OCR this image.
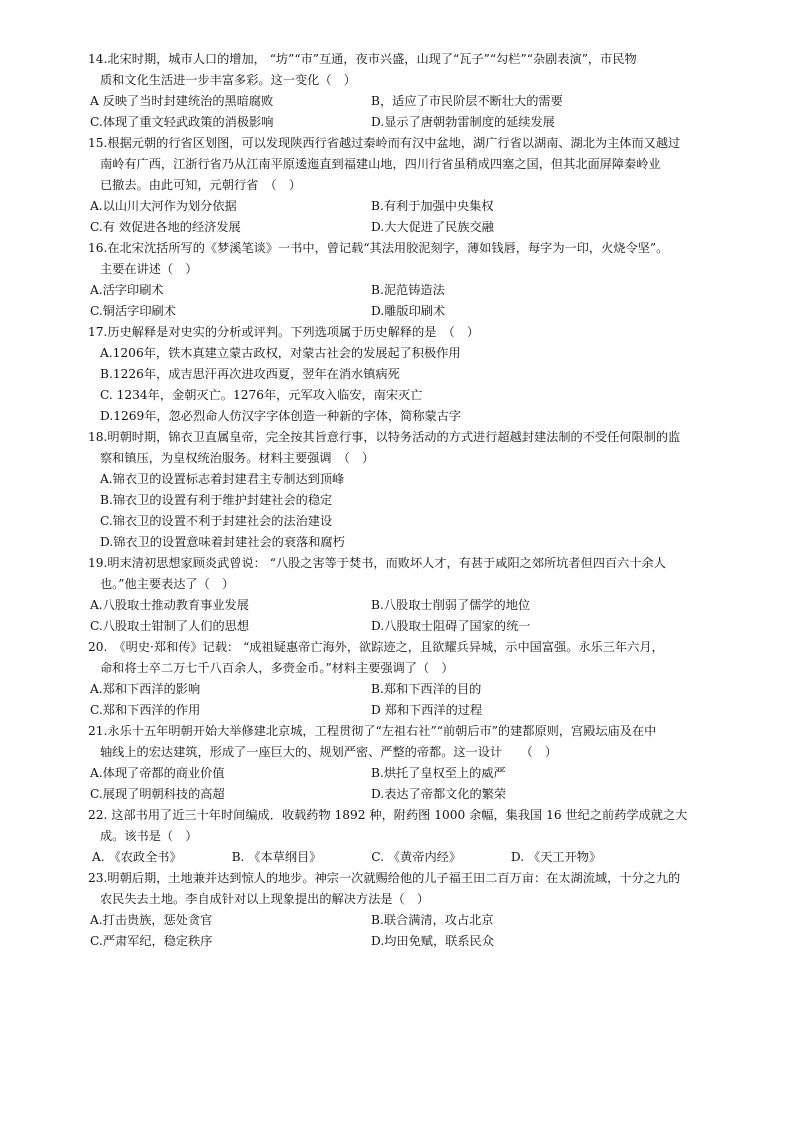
14.北宋时期，城市人口的增加， “坊”“市”互通，夜市兴盛，山现了“瓦子”“勾栏”“杂剧表演”，市民物
质和文化生活进一步丰富多彩。这一变化（　）
A 反映了当时封建统治的黑暗腐败	B，适应了市民阶层不断壮大的需要
C.体现了重文轻武政策的消极影响	D.显示了唐朝勃雷制度的延续发展
15.根据元朝的行省区划图，可以发现陕西行省越过秦岭而有汉中盆地，湖广行省以湖南、湖北为主体而又越过
南岭有广西，江浙行省乃从江南平原逶迤直到福建山地，四川行省虽稍成四塞之国，但其北面屏障秦岭业
已撤去。由此可知，元朝行省　（　）
A.以山川大河作为划分依据	B.有利于加强中央集权
C.有 效促进各地的经济发展	D.大大促进了民族交融
16.在北宋沈括所写的《梦溪笔谈》一书中，曾记载“其法用胶泥刻字，薄如钱唇，每字为一印，火烧令坚”。
主要在讲述（　）
A.活字印刷术	B.泥范铸造法
C.铜活字印刷术	D.雕版印刷术
17.历史解释是对史实的分析或评判。下列选项属于历史解释的是　（　）
A.1206年，铁木真建立蒙古政权，对蒙古社会的发展起了积极作用
B.1226年，成吉思汗再次进攻西夏，翌年在消水镇病死
C. 1234年，金朝灭亡。1276年，元军攻入临安，南宋灭亡
D.1269年，忽必烈命人仿汉字字体创造一种新的字体，简称蒙古字
18.明朝时期，锦衣卫直属皇帝，完全按其旨意行事，以特务活动的方式进行超越封建法制的不受任何限制的监
察和镇压，为皇权统治服务。材料主要强调　（　）
A.锦衣卫的设置标志着封建君主专制达到顶峰
B.锦衣卫的设置有利于维护封建社会的稳定
C.锦衣卫的设置不利于封建社会的法治建设
D.锦衣卫的设置意味着封建社会的衰落和腐朽
19.明末清初思想家顾炎武曾说： “八股之害等于焚书，而败坏人才，有甚于咸阳之郊所坑者但四百六十余人
也。”他主要表达了（　）
A.八股取士推动教育事业发展	B.八股取士削弱了儒学的地位
C.八股取士钳制了人们的思想	D.八股取士阻碍了国家的统一
20.　《明史·郑和传》记载： “成祖疑惠帝亡海外，欲踪迹之，且欲耀兵异城，示中国富强。永乐三年六月，
命和将士卒二万七千八百余人，多赍金币。”材料主要强调了（　）
A.郑和下西洋的影响	B.郑和下西洋的目的
C.郑和下西洋的作用	D 郑和下西洋的过程
21.永乐十五年明朝开始大举修建北京城，工程贯彻了“左祖右社”“前朝后市”的建都原则，宫殿坛庙及在中
轴线上的宏达建筑，形成了一座巨大的、规划严密、严整的帝都。这一设计　　（　）
A.体现了帝都的商业价值	B.烘托了皇权至上的威严
C.展现了明朝科技的高超	D.表达了帝都文化的繁荣
22. 这部书用了近三十年时间编成．收载药物 1892 种，附药图 1000 余幅，集我国 16 世纪之前药学成就之大
成。该书是（　）
A. 《农政全书》	B. 《本草纲目》	C. 《黄帝内经》	D. 《天工开物》
23.明朝后期，土地兼并达到惊人的地步。神宗一次就赐给他的儿子福王田二百万亩：在太湖流域，十分之九的
农民失去土地。李自成针对以上现象提出的解决方法是（　）
A.打击贵族，惩处贪官	B.联合满清，攻占北京
C.严肃军纪，稳定秩序	D.均田免赋，联系民众
